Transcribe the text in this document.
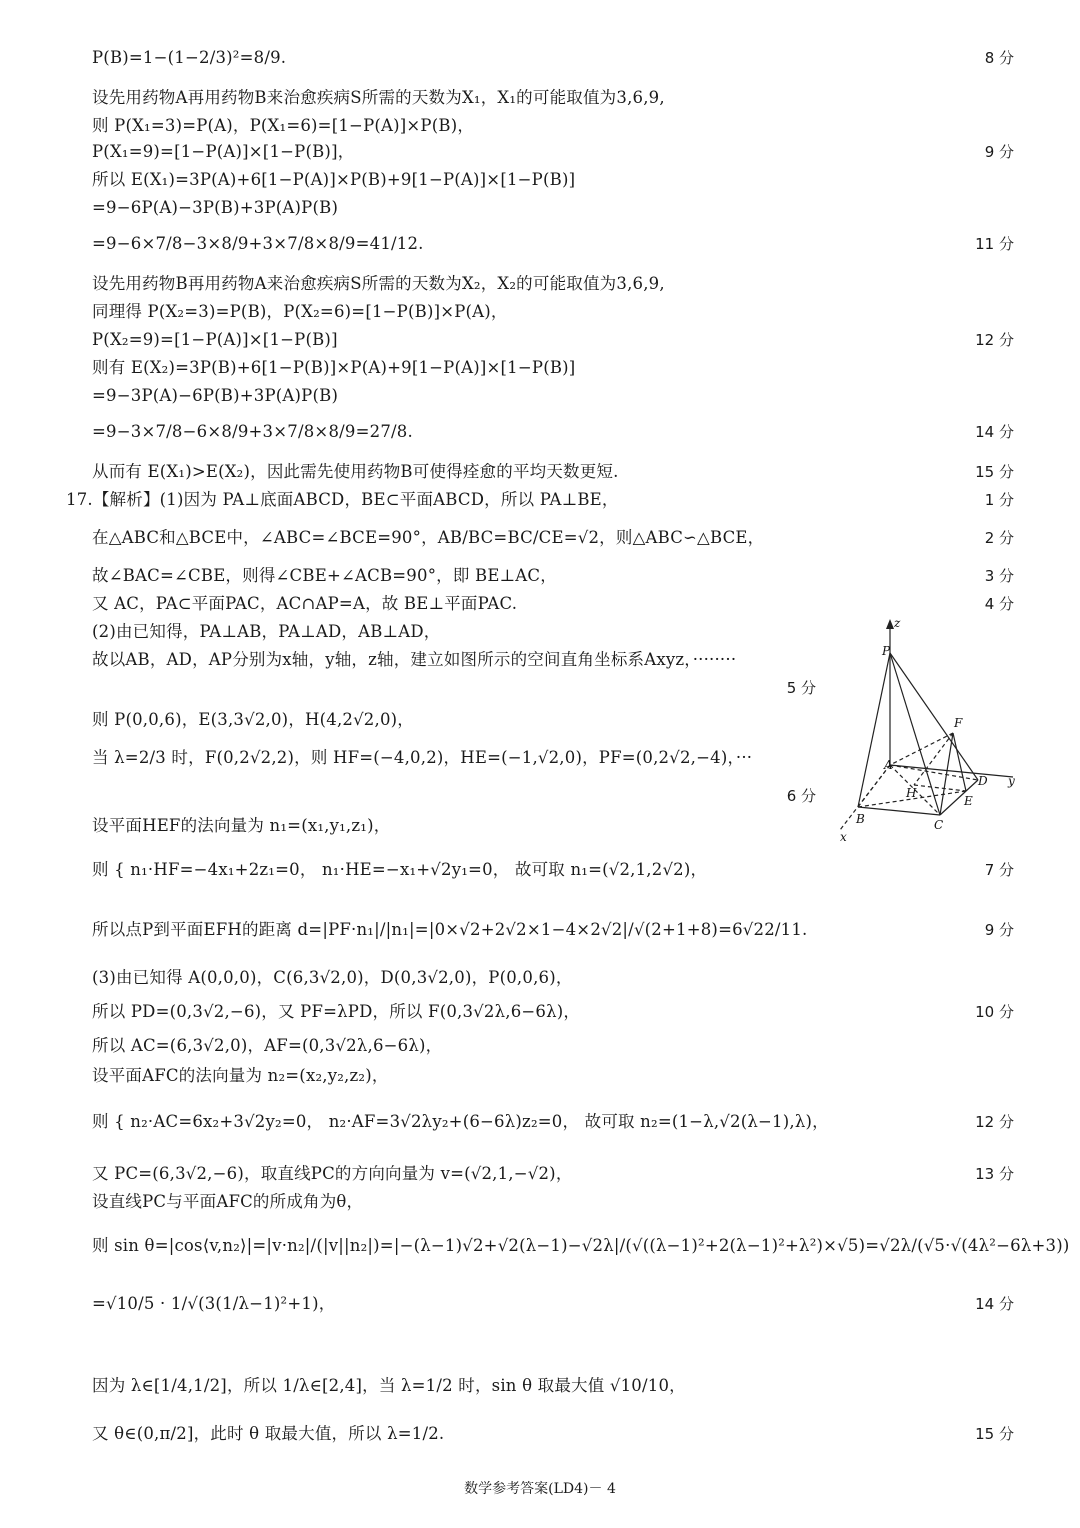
P(B)=1−(1−2/3)²=8/9.	8 分
设先用药物A再用药物B来治愈疾病S所需的天数为X₁，X₁的可能取值为3,6,9,
则 P(X₁=3)=P(A)，P(X₁=6)=[1−P(A)]×P(B)，
P(X₁=9)=[1−P(A)]×[1−P(B)]，	9 分
所以 E(X₁)=3P(A)+6[1−P(A)]×P(B)+9[1−P(A)]×[1−P(B)]
=9−6P(A)−3P(B)+3P(A)P(B)
=9−6×7/8−3×8/9+3×7/8×8/9=41/12.	11 分
设先用药物B再用药物A来治愈疾病S所需的天数为X₂，X₂的可能取值为3,6,9,
同理得 P(X₂=3)=P(B)，P(X₂=6)=[1−P(B)]×P(A)，
P(X₂=9)=[1−P(A)]×[1−P(B)]	12 分
则有 E(X₂)=3P(B)+6[1−P(B)]×P(A)+9[1−P(A)]×[1−P(B)]
=9−3P(A)−6P(B)+3P(A)P(B)
=9−3×7/8−6×8/9+3×7/8×8/9=27/8.	14 分
从而有 E(X₁)>E(X₂)，因此需先使用药物B可使得痊愈的平均天数更短.	15 分
17.【解析】(1)因为 PA⊥底面ABCD，BE⊂平面ABCD，所以 PA⊥BE，	1 分
在△ABC和△BCE中，∠ABC=∠BCE=90°，AB/BC=BC/CE=√2，则△ABC∽△BCE，	2 分
故∠BAC=∠CBE，则得∠CBE+∠ACB=90°，即 BE⊥AC，	3 分
又 AC，PA⊂平面PAC，AC∩AP=A，故 BE⊥平面PAC.	4 分
(2)由已知得，PA⊥AB，PA⊥AD，AB⊥AD，
故以AB，AD，AP分别为x轴，y轴，z轴，建立如图所示的空间直角坐标系Axyz，········
5 分
则 P(0,0,6)，E(3,3√2,0)，H(4,2√2,0)，
当 λ=2/3 时，F(0,2√2,2)，则 HF=(−4,0,2)，HE=(−1,√2,0)，PF=(0,2√2,−4)，···
6 分
设平面HEF的法向量为 n₁=(x₁,y₁,z₁)，
则 { n₁·HF=−4x₁+2z₁=0， n₁·HE=−x₁+√2y₁=0， 故可取 n₁=(√2,1,2√2)，	7 分
所以点P到平面EFH的距离 d=|PF·n₁|/|n₁|=|0×√2+2√2×1−4×2√2|/√(2+1+8)=6√22/11.	9 分
(3)由已知得 A(0,0,0)，C(6,3√2,0)，D(0,3√2,0)，P(0,0,6)，
所以 PD=(0,3√2,−6)，又 PF=λPD，所以 F(0,3√2λ,6−6λ)，	10 分
所以 AC=(6,3√2,0)，AF=(0,3√2λ,6−6λ)，
设平面AFC的法向量为 n₂=(x₂,y₂,z₂)，
则 { n₂·AC=6x₂+3√2y₂=0， n₂·AF=3√2λy₂+(6−6λ)z₂=0， 故可取 n₂=(1−λ,√2(λ−1),λ)，	12 分
又 PC=(6,3√2,−6)，取直线PC的方向向量为 v=(√2,1,−√2)，	13 分
设直线PC与平面AFC的所成角为θ，
则 sin θ=|cos⟨v,n₂⟩|=|v·n₂|/(|v||n₂|)=|−(λ−1)√2+√2(λ−1)−√2λ|/(√((λ−1)²+2(λ−1)²+λ²)×√5)=√2λ/(√5·√(4λ²−6λ+3))
=√10/5 · 1/√(3(1/λ−1)²+1)，	14 分
因为 λ∈[1/4,1/2]，所以 1/λ∈[2,4]，当 λ=1/2 时，sin θ 取最大值 √10/10，
又 θ∈(0,π/2]，此时 θ 取最大值，所以 λ=1/2.	15 分
z
P
F
A
H
D y
E
B	C
x
数学参考答案(LD4)－ 4
